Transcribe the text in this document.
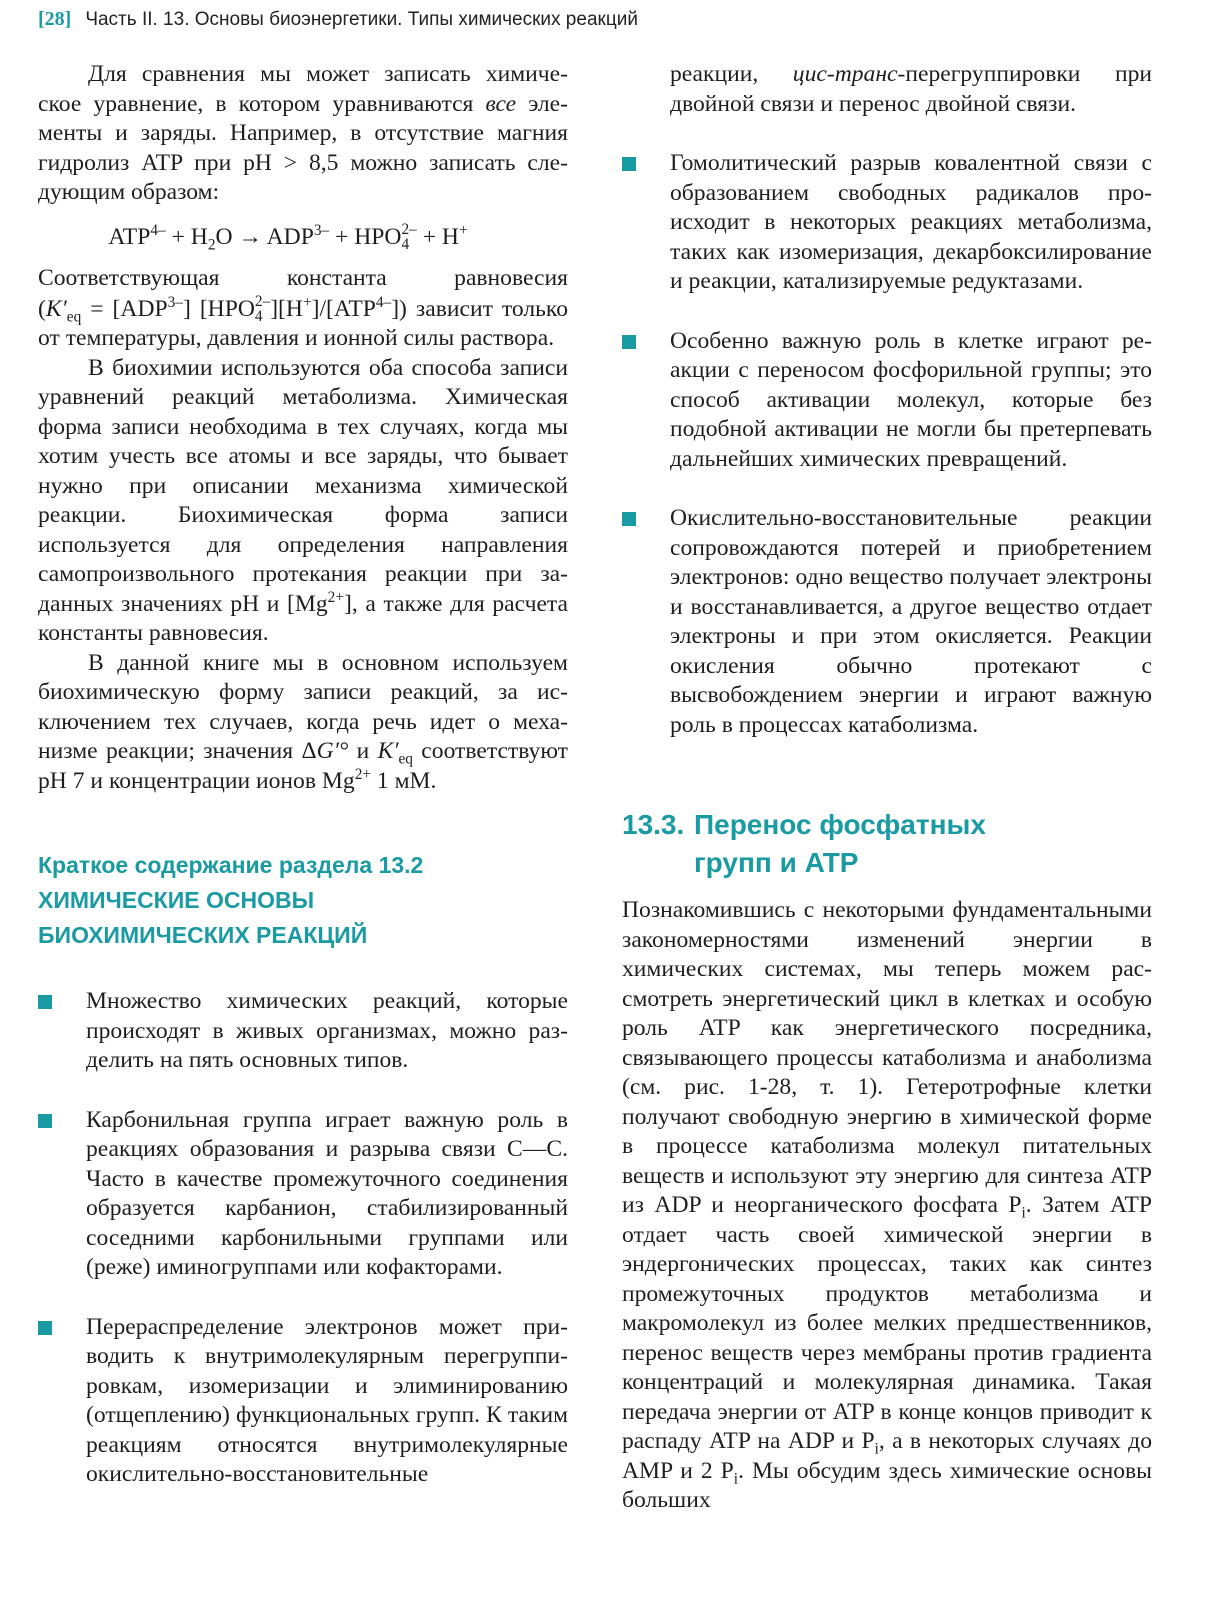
[28] Часть II. 13. Основы биоэнергетики. Типы химических реакций

Для сравнения мы может записать химиче- ское уравнение, в котором уравниваются все эле- менты и заряды. Например, в отсутствие магния гидролиз ATP при pH > 8,5 можно записать сле- дующим образом:

$ATP^{4-} + H_2O \to ADP^{3-}$ + HPO 2–
4 + H+

Соответствующая константа равновесия
($K'_{eq} = [ADP^{3-}]$ [HPO 2–
4 ]$[H^+]/[ATP^{4-}]$) зависит только от температуры, давления и ионной силы раствора.

В биохимии используются оба способа записи уравнений реакций метаболизма. Химическая форма записи необходима в тех случаях, когда мы хотим учесть все атомы и все заряды, что бывает нужно при описании механизма химической реакции. Биохимическая форма записи используется для определения направления самопроизвольного протекания реакции при заданных значениях pH и $[Mg^{2+}]$, а также для расчета константы равновесия.

В данной книге мы в основном используем биохимическую форму записи реакций, за исключением тех случаев, когда речь идет о механизме реакции; значения ΔG′° и $K'_{eq}$ соответствуют pH 7 и концентрации ионов $Mg^{2+}$ 1 мM.

Краткое содержание раздела 13.2
ХИМИЧЕСКИЕ ОСНОВЫ
БИОХИМИЧЕСКИХ РЕАКЦИЙ

Множество химических реакций, которые происходят в живых организмах, можно разделить на пять основных типов.

Карбонильная группа играет важную роль в реакциях образования и разрыва связи С—С. Часто в качестве промежуточного соединения образуется карбанион, стабилизированный соседними карбонильными группами или (реже) иминогруппами или кофакторами.

Перераспределение электронов может приводить к внутримолекулярным перегруппировкам, изомеризации и элиминированию (отщеплению) функциональных групп. К таким реакциям относятся внутримолекулярные окислительно-восстановительные

реакции, цис-транс-перегруппировки при двойной связи и перенос двойной связи.

Гомолитический разрыв ковалентной связи с образованием свободных радикалов происходит в некоторых реакциях метаболизма, таких как изомеризация, декарбоксилирование и реакции, катализируемые редуктазами.

Особенно важную роль в клетке играют реакции с переносом фосфорильной группы; это способ активации молекул, которые без подобной активации не могли бы претерпевать дальнейших химических превращений.

Окислительно-восстановительные реакции сопровождаются потерей и приобретением электронов: одно вещество получает электроны и восстанавливается, а другое вещество отдает электроны и при этом окисляется. Реакции окисления обычно протекают с высвобождением энергии и играют важную роль в процессах катаболизма.

13.3. Перенос фосфатных
групп и ATP

Познакомившись с некоторыми фундаментальными закономерностями изменений энергии в химических системах, мы теперь можем рассмотреть энергетический цикл в клетках и особую роль ATP как энергетического посредника, связывающего процессы катаболизма и анаболизма (см. рис. 1-28, т. 1). Гетеротрофные клетки получают свободную энергию в химической форме в процессе катаболизма молекул питательных веществ и используют эту энергию для синтеза ATP из ADP и неорганического фосфата $P_i$. Затем ATP отдает часть своей химической энергии в эндергонических процессах, таких как синтез промежуточных продуктов метаболизма и макромолекул из более мелких предшественников, перенос веществ через мембраны против градиента концентраций и молекулярная динамика. Такая передача энергии от ATP в конце концов приводит к распаду ATP на ADP и $P_i$, а в некоторых случаях до AMP и 2 $P_i$. Мы обсудим здесь химические основы больших
